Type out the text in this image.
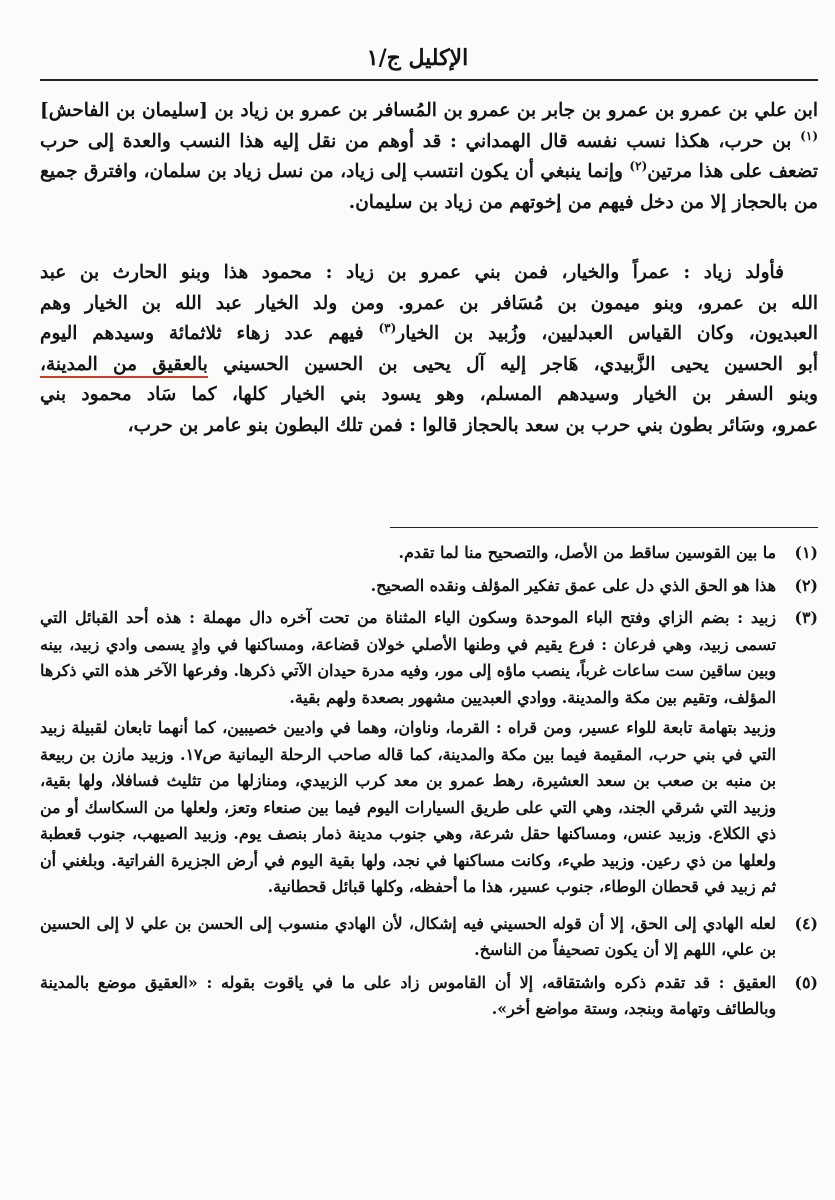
الإكليل ج/١

ابن علي بن عمرو بن عمرو بن جابر بن عمرو بن المُسافر بن عمرو بن زياد بن [سليمان بن الفاحش]$^{(١)}$ بن حرب، هكذا نسب نفسه قال الهمداني : قد أوهم من نقل إليه هذا النسب والعدة إلى حرب تضعف على هذا مرتين$^{(٢)}$ وإنما ينبغي أن يكون انتسب إلى زياد، من نسل زياد بن سلمان، وافترق جميع من بالحجاز إلا من دخل فيهم من إخوتهم من زياد بن سليمان.

فأولد زياد : عمراً والخيار، فمن بني عمرو بن زياد : محمود هذا وبنو الحارث بن عبد
الله بن عمرو، وبنو ميمون بن مُسَافر بن عمرو. ومن ولد الخيار عبد الله بن الخيار وهم
العبديون، وكان القياس العبدليين، وزُبيد بن الخيار$^{(٣)}$ فيهم عدد زهاء ثلاثمائة وسيدهم اليوم
أبو الحسين يحيى الزَّبيدي، هَاجر إليه آل يحيى بن الحسين الحسيني بالعقيق من المدينة،
وبنو السفر بن الخيار وسيدهم المسلم، وهو يسود بني الخيار كلها، كما سَاد محمود بني
عمرو، وسَائر بطون بني حرب بن سعد بالحجاز قالوا : فمن تلك البطون بنو عامر بن حرب،
(١)
ما بين القوسين ساقط من الأصل، والتصحيح منا لما تقدم.
(٢)
هذا هو الحق الذي دل على عمق تفكير المؤلف ونقده الصحيح.
(٣)
زبيد : بضم الزاي وفتح الباء الموحدة وسكون الياء المثناة من تحت آخره دال مهملة : هذه أحد القبائل التي تسمى زبيد، وهي فرعان : فرع يقيم في وطنها الأصلي خولان قضاعة، ومساكنها في وادٍ يسمى وادي زبيد، بينه وبين ساقين ست ساعات غرباً، ينصب ماؤه إلى مور، وفيه مدرة حيدان الآتي ذكرها. وفرعها الآخر هذه التي ذكرها المؤلف، وتقيم بين مكة والمدينة. ووادي العبديين مشهور بصعدة ولهم بقية.
وزبيد بتهامة تابعة للواء عسير، ومن قراه : القرما، وناوان، وهما في واديين خصيبين، كما أنهما تابعان لقبيلة زبيد التي في بني حرب، المقيمة فيما بين مكة والمدينة، كما قاله صاحب الرحلة اليمانية ص١٧. وزبيد مازن بن ربيعة بن منبه بن صعب بن سعد العشيرة، رهط عمرو بن معد كرب الزبيدي، ومنازلها من تثليث فسافلا، ولها بقية، وزبيد التي شرقي الجند، وهي التي على طريق السيارات اليوم فيما بين صنعاء وتعز، ولعلها من السكاسك أو من ذي الكلاع. وزبيد عنس، ومساكنها حقل شرعة، وهي جنوب مدينة ذمار بنصف يوم. وزبيد الصيهب، جنوب قعطبة ولعلها من ذي رعين. وزبيد طيء، وكانت مساكنها في نجد، ولها بقية اليوم في أرض الجزيرة الفراتية. وبلغني أن ثم زبيد في قحطان الوطاء، جنوب عسير، هذا ما أحفظه، وكلها قبائل قحطانية.
(٤)
لعله الهادي إلى الحق، إلا أن قوله الحسيني فيه إشكال، لأن الهادي منسوب إلى الحسن بن علي لا إلى الحسين بن علي، اللهم إلا أن يكون تصحيفاً من الناسخ.
(٥)
العقيق : قد تقدم ذكره واشتقاقه، إلا أن القاموس زاد على ما في ياقوت بقوله : «العقيق موضع بالمدينة وبالطائف وتهامة وبنجد، وستة مواضع أخر».
